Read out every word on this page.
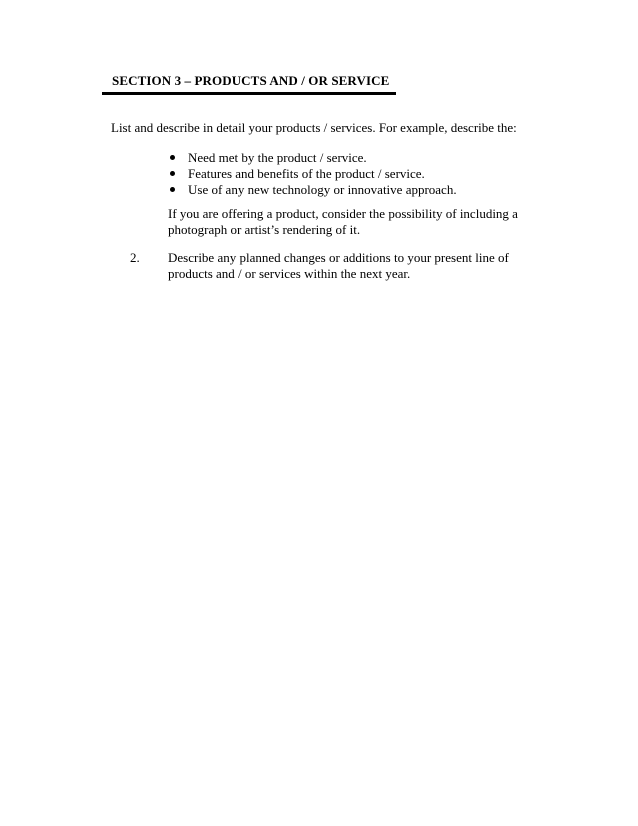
SECTION 3 – PRODUCTS AND / OR SERVICE
List and describe in detail your products / services. For example, describe the:
Need met by the product / service.
Features and benefits of the product / service.
Use of any new technology or innovative approach.
If you are offering a product, consider the possibility of including a photograph or artist’s rendering of it.
2. Describe any planned changes or additions to your present line of products and / or services within the next year.
